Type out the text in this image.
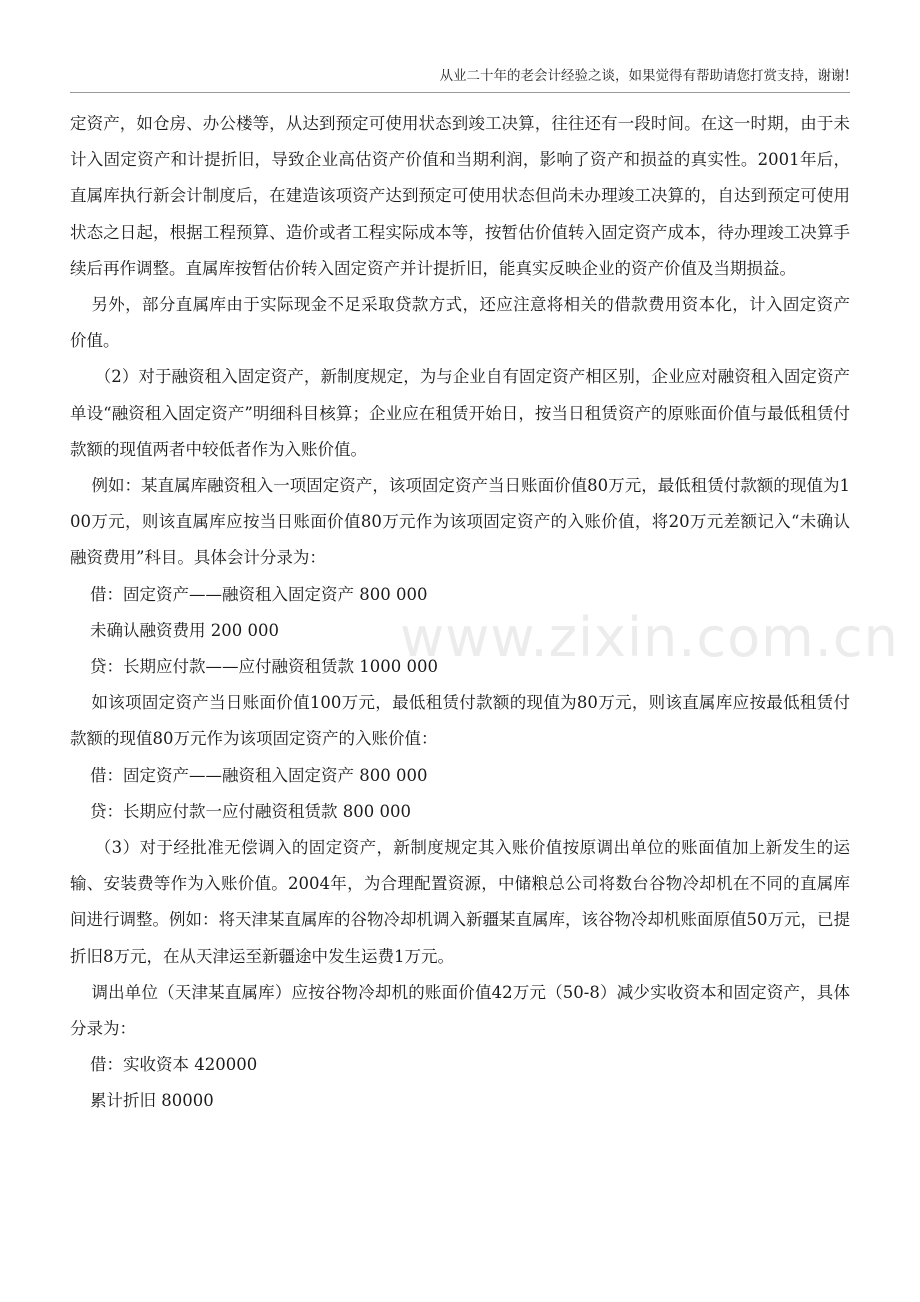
从业二十年的老会计经验之谈，如果觉得有帮助请您打赏支持，谢谢!

定资产，如仓房、办公楼等，从达到预定可使用状态到竣工决算，往往还有一段时间。在这一时期，由于未计入固定资产和计提折旧，导致企业高估资产价值和当期利润，影响了资产和损益的真实性。2001年后，直属库执行新会计制度后，在建造该项资产达到预定可使用状态但尚未办理竣工决算的，自达到预定可使用状态之日起，根据工程预算、造价或者工程实际成本等，按暂估价值转入固定资产成本，待办理竣工决算手续后再作调整。直属库按暂估价转入固定资产并计提折旧，能真实反映企业的资产价值及当期损益。

另外，部分直属库由于实际现金不足采取贷款方式，还应注意将相关的借款费用资本化，计入固定资产价值。

（2）对于融资租入固定资产，新制度规定，为与企业自有固定资产相区别，企业应对融资租入固定资产单设“融资租入固定资产”明细科目核算；企业应在租赁开始日，按当日租赁资产的原账面价值与最低租赁付款额的现值两者中较低者作为入账价值。

例如：某直属库融资租入一项固定资产，该项固定资产当日账面价值80万元，最低租赁付款额的现值为100万元，则该直属库应按当日账面价值80万元作为该项固定资产的入账价值，将20万元差额记入“未确认融资费用”科目。具体会计分录为：

借：固定资产——融资租入固定资产 800 000

未确认融资费用 200 000

贷：长期应付款——应付融资租赁款 1000 000

如该项固定资产当日账面价值100万元，最低租赁付款额的现值为80万元，则该直属库应按最低租赁付款额的现值80万元作为该项固定资产的入账价值：

借：固定资产——融资租入固定资产 800 000

贷：长期应付款一应付融资租赁款 800 000

（3）对于经批准无偿调入的固定资产，新制度规定其入账价值按原调出单位的账面值加上新发生的运输、安装费等作为入账价值。2004年，为合理配置资源，中储粮总公司将数台谷物冷却机在不同的直属库间进行调整。例如：将天津某直属库的谷物冷却机调入新疆某直属库，该谷物冷却机账面原值50万元，已提折旧8万元，在从天津运至新疆途中发生运费1万元。

调出单位（天津某直属库）应按谷物冷却机的账面价值42万元（50-8）减少实收资本和固定资产，具体分录为：

借：实收资本 420000

累计折旧 80000

www.zixin.com.cn
